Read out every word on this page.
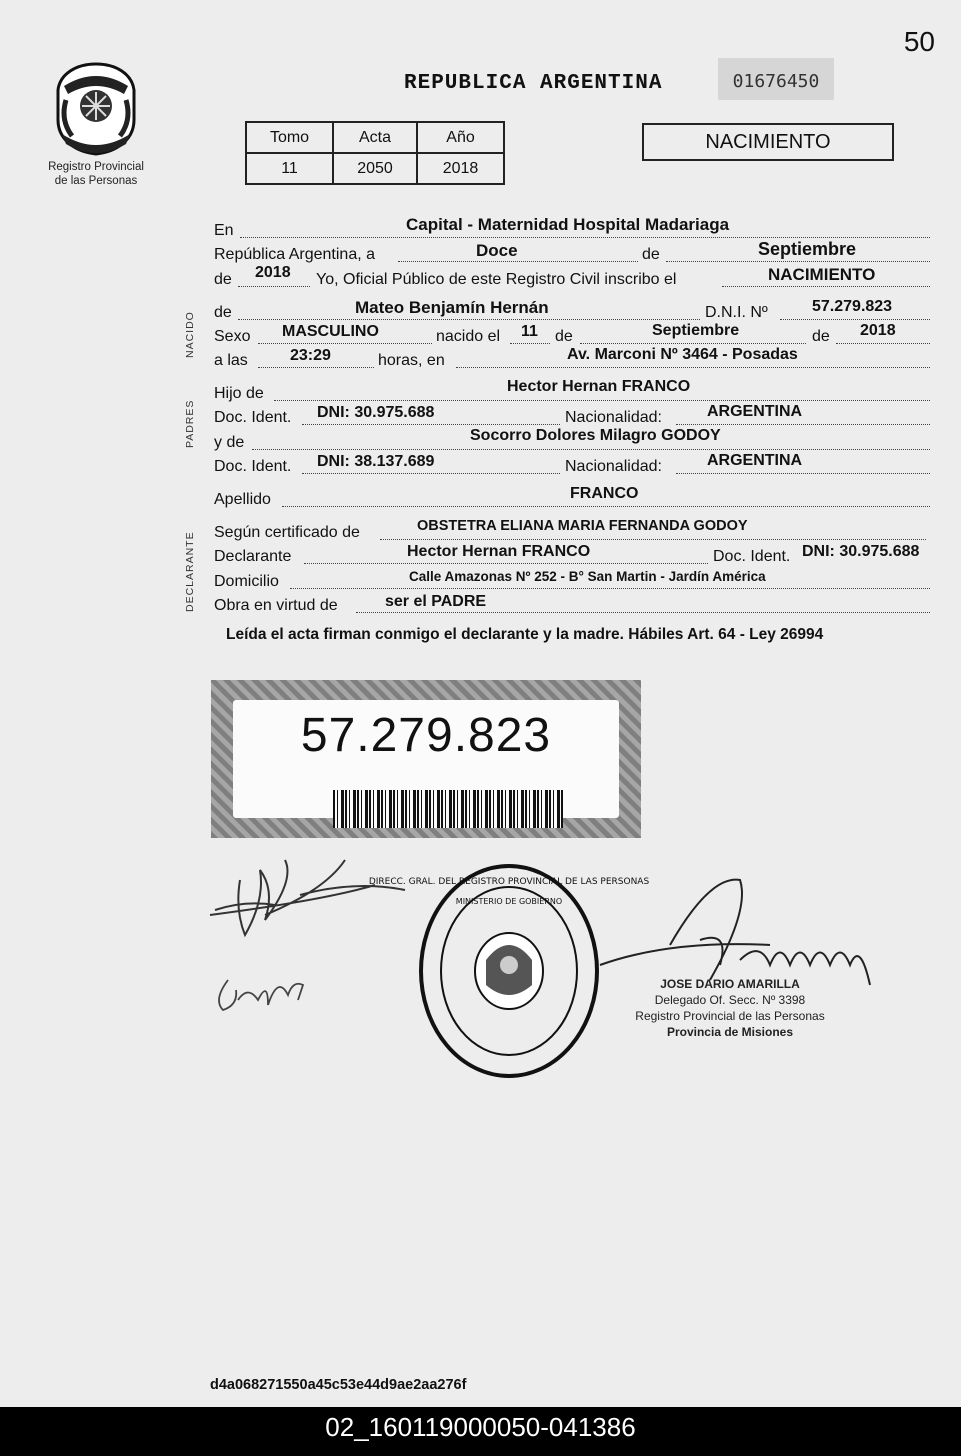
50
Registro Provincial
de las Personas
REPUBLICA ARGENTINA	01676450
Tomo	Acta	Año
11	2050	2018
NACIMIENTO
NACIDO
PADRES
DECLARANTE
En	Capital - Maternidad Hospital Madariaga
República Argentina, a	Doce	de	Septiembre
de 2018 Yo, Oficial Público de este Registro Civil inscribo el	NACIMIENTO
de	Mateo Benjamín Hernán	D.N.I. Nº	57.279.823
Sexo MASCULINO	nacido el 11 de	Septiembre	de 2018
a las	23:29	horas, en	Av. Marconi Nº 3464 - Posadas
Hijo de	Hector Hernan FRANCO
Doc. Ident. DNI: 30.975.688	Nacionalidad:	ARGENTINA
y de	Socorro Dolores Milagro GODOY
Doc. Ident. DNI: 38.137.689	Nacionalidad:	ARGENTINA
Apellido	FRANCO
Según certificado de	OBSTETRA ELIANA MARIA FERNANDA GODOY
Declarante	Hector Hernan FRANCO	Doc. Ident. DNI: 30.975.688
Domicilio	Calle Amazonas Nº 252 - B° San Martin - Jardín América
Obra en virtud de	ser el PADRE
Leída el acta firman conmigo el declarante y la madre. Hábiles Art. 64 - Ley 26994
57.279.823
DIRECC. GRAL. DEL REGISTRO PROVINCIAL DE LAS PERSONAS
MINISTERIO DE GOBIERNO
JOSE DARIO AMARILLA
Delegado Of. Secc. Nº 3398
Registro Provincial de las Personas
Provincia de Misiones
d4a068271550a45c53e44d9ae2aa276f
02_160119000050-041386
